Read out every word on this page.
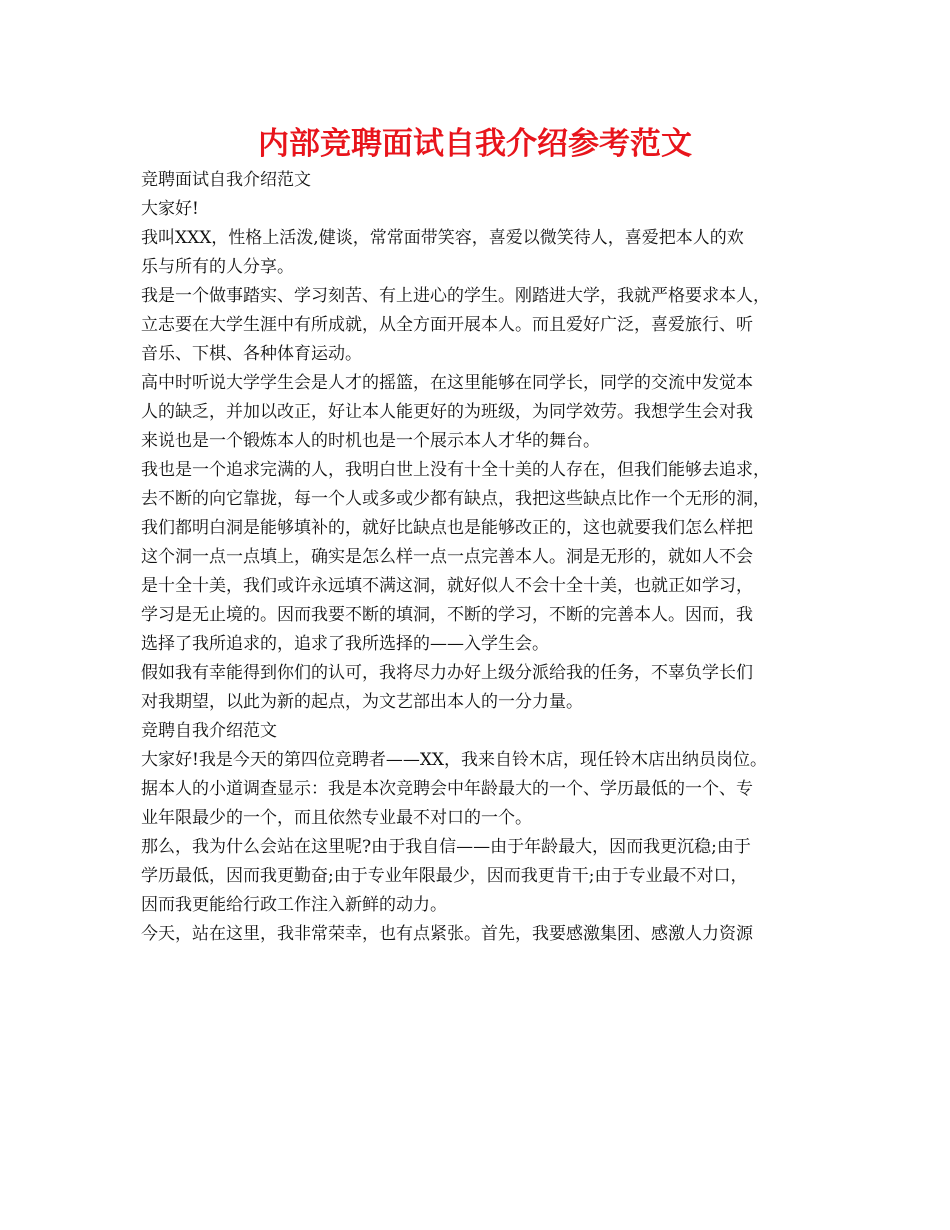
内部竞聘面试自我介绍参考范文
竞聘面试自我介绍范文
大家好!
我叫XXX，性格上活泼,健谈，常常面带笑容，喜爱以微笑待人，喜爱把本人的欢
乐与所有的人分享。
我是一个做事踏实、学习刻苦、有上进心的学生。刚踏进大学，我就严格要求本人，
立志要在大学生涯中有所成就，从全方面开展本人。而且爱好广泛，喜爱旅行、听
音乐、下棋、各种体育运动。
高中时听说大学学生会是人才的摇篮，在这里能够在同学长，同学的交流中发觉本
人的缺乏，并加以改正，好让本人能更好的为班级，为同学效劳。我想学生会对我
来说也是一个锻炼本人的时机也是一个展示本人才华的舞台。
我也是一个追求完满的人，我明白世上没有十全十美的人存在，但我们能够去追求，
去不断的向它靠拢，每一个人或多或少都有缺点，我把这些缺点比作一个无形的洞，
我们都明白洞是能够填补的，就好比缺点也是能够改正的，这也就要我们怎么样把
这个洞一点一点填上，确实是怎么样一点一点完善本人。洞是无形的，就如人不会
是十全十美，我们或许永远填不满这洞，就好似人不会十全十美，也就正如学习，
学习是无止境的。因而我要不断的填洞，不断的学习，不断的完善本人。因而，我
选择了我所追求的，追求了我所选择的——入学生会。
假如我有幸能得到你们的认可，我将尽力办好上级分派给我的任务，不辜负学长们
对我期望，以此为新的起点，为文艺部出本人的一分力量。
竞聘自我介绍范文
大家好!我是今天的第四位竞聘者——XX，我来自铃木店，现任铃木店出纳员岗位。
据本人的小道调查显示：我是本次竞聘会中年龄最大的一个、学历最低的一个、专
业年限最少的一个，而且依然专业最不对口的一个。
那么，我为什么会站在这里呢?由于我自信——由于年龄最大，因而我更沉稳;由于
学历最低，因而我更勤奋;由于专业年限最少，因而我更肯干;由于专业最不对口，
因而我更能给行政工作注入新鲜的动力。
今天，站在这里，我非常荣幸，也有点紧张。首先，我要感激集团、感激人力资源
